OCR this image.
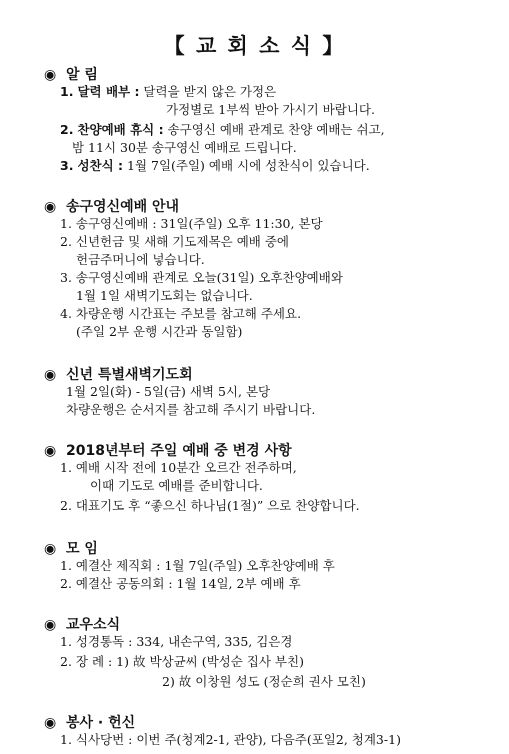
【 교 회 소 식 】
◉ 알 림
1. 달력 배부 : 달력을 받지 않은 가정은
가정별로 1부씩 받아 가시기 바랍니다.
2. 찬양예배 휴식 : 송구영신 예배 관계로 찬양 예배는 쉬고,
밤 11시 30분 송구영신 예배로 드립니다.
3. 성찬식 : 1월 7일(주일) 예배 시에 성찬식이 있습니다.
◉ 송구영신예배 안내
1. 송구영신예배 : 31일(주일) 오후 11:30, 본당
2. 신년헌금 및 새해 기도제목은 예배 중에
헌금주머니에 넣습니다.
3. 송구영신예배 관계로 오늘(31일) 오후찬양예배와
1월 1일 새벽기도회는 없습니다.
4. 차량운행 시간표는 주보를 참고해 주세요.
(주일 2부 운행 시간과 동일함)
◉ 신년 특별새벽기도회
1월 2일(화) - 5일(금) 새벽 5시, 본당
차량운행은 순서지를 참고해 주시기 바랍니다.
◉ 2018년부터 주일 예배 중 변경 사항
1. 예배 시작 전에 10분간 오르간 전주하며,
이때 기도로 예배를 준비합니다.
2. 대표기도 후 “좋으신 하나님(1절)” 으로 찬양합니다.
◉ 모 임
1. 예결산 제직회 : 1월 7일(주일) 오후찬양예배 후
2. 예결산 공동의회 : 1월 14일, 2부 예배 후
◉ 교우소식
1. 성경통독 : 334, 내손구역, 335, 김은경
2. 장 례 : 1) 故 박상균씨 (박성순 집사 부친)
2) 故 이창원 성도 (정순희 권사 모친)
◉ 봉사 · 헌신
1. 식사당번 : 이번 주(청계2-1, 관양), 다음주(포일2, 청계3-1)
